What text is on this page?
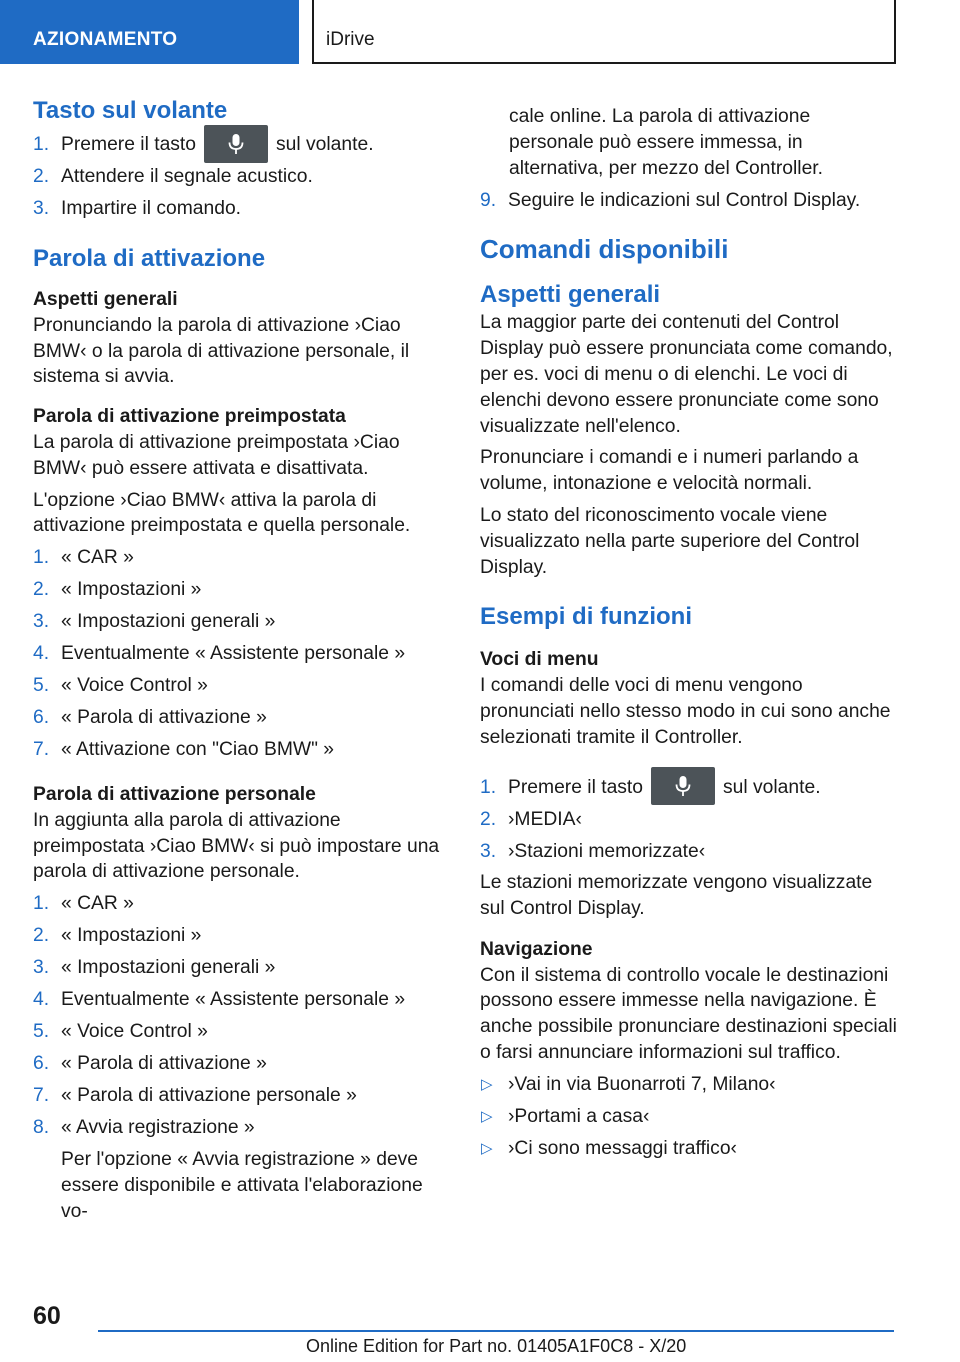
AZIONAMENTO	iDrive
Tasto sul volante
1. Premere il tasto	sul volante.
2. Attendere il segnale acustico.
3. Impartire il comando.
Parola di attivazione
Aspetti generali
Pronunciando la parola di attivazione ›Ciao BMW‹ o la parola di attivazione personale, il sistema si avvia.
Parola di attivazione preimpostata
La parola di attivazione preimpostata ›Ciao BMW‹ può essere attivata e disattivata.
L'opzione ›Ciao BMW‹ attiva la parola di attivazione preimpostata e quella personale.
1. « CAR »
2. « Impostazioni »
3. « Impostazioni generali »
4. Eventualmente « Assistente personale »
5. « Voice Control »
6. « Parola di attivazione »
7. « Attivazione con "Ciao BMW" »
Parola di attivazione personale
In aggiunta alla parola di attivazione preimpostata ›Ciao BMW‹ si può impostare una parola di attivazione personale.
1. « CAR »
2. « Impostazioni »
3. « Impostazioni generali »
4. Eventualmente « Assistente personale »
5. « Voice Control »
6. « Parola di attivazione »
7. « Parola di attivazione personale »
8. « Avvia registrazione »
Per l'opzione « Avvia registrazione » deve essere disponibile e attivata l'elaborazione vo-
cale online. La parola di attivazione personale può essere immessa, in alternativa, per mezzo del Controller.
9. Seguire le indicazioni sul Control Display.
Comandi disponibili
Aspetti generali
La maggior parte dei contenuti del Control Display può essere pronunciata come comando, per es. voci di menu o di elenchi. Le voci di elenchi devono essere pronunciate come sono visualizzate nell'elenco.
Pronunciare i comandi e i numeri parlando a volume, intonazione e velocità normali.
Lo stato del riconoscimento vocale viene visualizzato nella parte superiore del Control Display.
Esempi di funzioni
Voci di menu
I comandi delle voci di menu vengono pronunciati nello stesso modo in cui sono anche selezionati tramite il Controller.
1. Premere il tasto	sul volante.
2. ›MEDIA‹
3. ›Stazioni memorizzate‹
Le stazioni memorizzate vengono visualizzate sul Control Display.
Navigazione
Con il sistema di controllo vocale le destinazioni possono essere immesse nella navigazione. È anche possibile pronunciare destinazioni speciali o farsi annunciare informazioni sul traffico.
▷ ›Vai in via Buonarroti 7, Milano‹
▷ ›Portami a casa‹
▷ ›Ci sono messaggi traffico‹
60
Online Edition for Part no. 01405A1F0C8 - X/20
